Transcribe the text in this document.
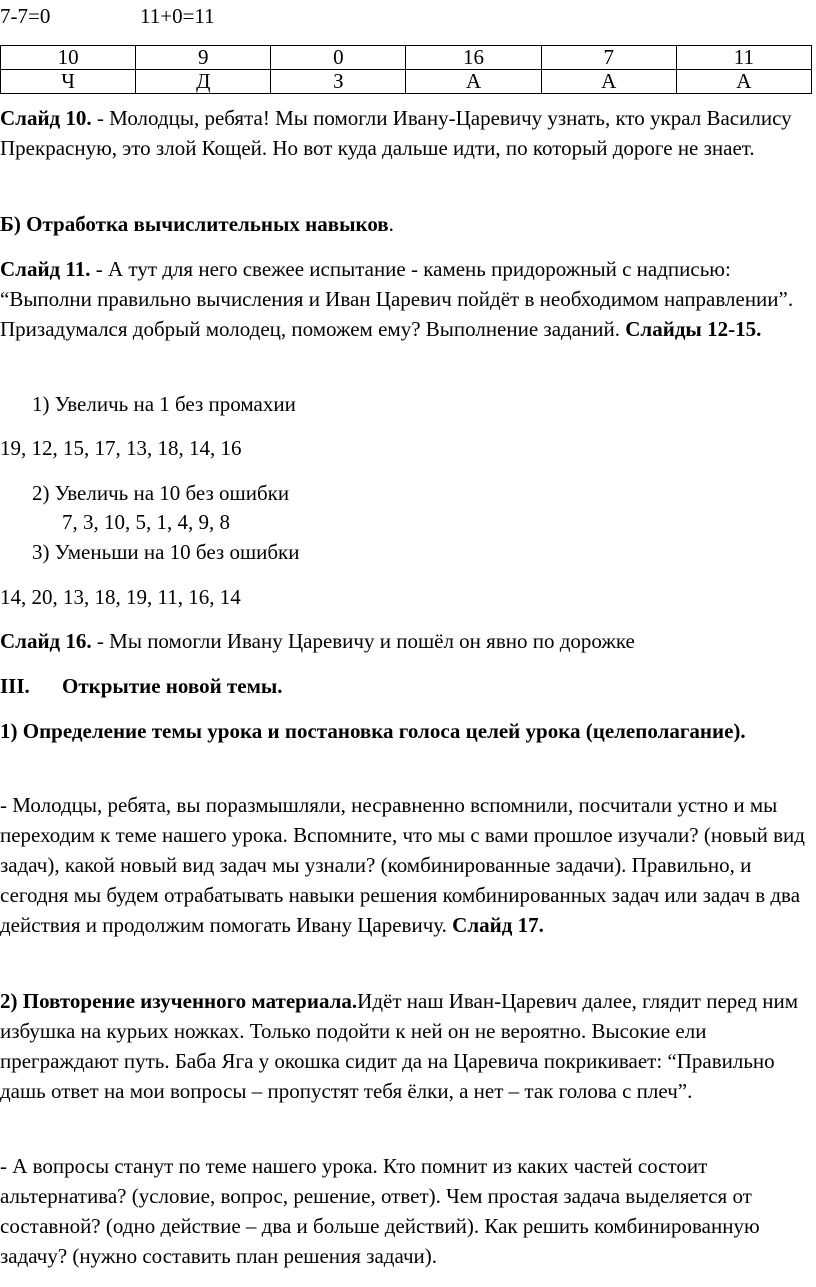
7-7=0	11+0=11
10	9	0	16	7	11
Ч	Д	З	А	А	А
Слайд 10. - Молодцы, ребята! Мы помогли Ивану-Царевичу узнать, кто украл Василису Прекрасную, это злой Кощей. Но вот куда дальше идти, по который дороге не знает.
Б) Отработка вычислительных навыков.
Слайд 11. - А тут для него свежее испытание - камень придорожный с надписью: “Выполни правильно вычисления и Иван Царевич пойдёт в необходимом направлении”. Призадумался добрый молодец, поможем ему? Выполнение заданий. Слайды 12-15.
1) Увеличь на 1 без промахии
19, 12, 15, 17, 13, 18, 14, 16
2) Увеличь на 10 без ошибки
7, 3, 10, 5, 1, 4, 9, 8
3) Уменьши на 10 без ошибки
14, 20, 13, 18, 19, 11, 16, 14
Слайд 16. - Мы помогли Ивану Царевичу и пошёл он явно по дорожке
III. Открытие новой темы.
1) Определение темы урока и постановка голоса целей урока (целеполагание).
- Молодцы, ребята, вы поразмышляли, несравненно вспомнили, посчитали устно и мы переходим к теме нашего урока. Вспомните, что мы с вами прошлое изучали? (новый вид задач), какой новый вид задач мы узнали? (комбинированные задачи). Правильно, и сегодня мы будем отрабатывать навыки решения комбинированных задач или задач в два действия и продолжим помогать Ивану Царевичу. Слайд 17.
2) Повторение изученного материала.Идёт наш Иван-Царевич далее, глядит перед ним избушка на курьих ножках. Только подойти к ней он не вероятно. Высокие ели преграждают путь. Баба Яга у окошка сидит да на Царевича покрикивает: “Правильно дашь ответ на мои вопросы – пропустят тебя ёлки, а нет – так голова с плеч”.
- А вопросы станут по теме нашего урока. Кто помнит из каких частей состоит альтернатива? (условие, вопрос, решение, ответ). Чем простая задача выделяется от составной? (одно действие – два и больше действий). Как решить комбинированную задачу? (нужно составить план решения задачи).
